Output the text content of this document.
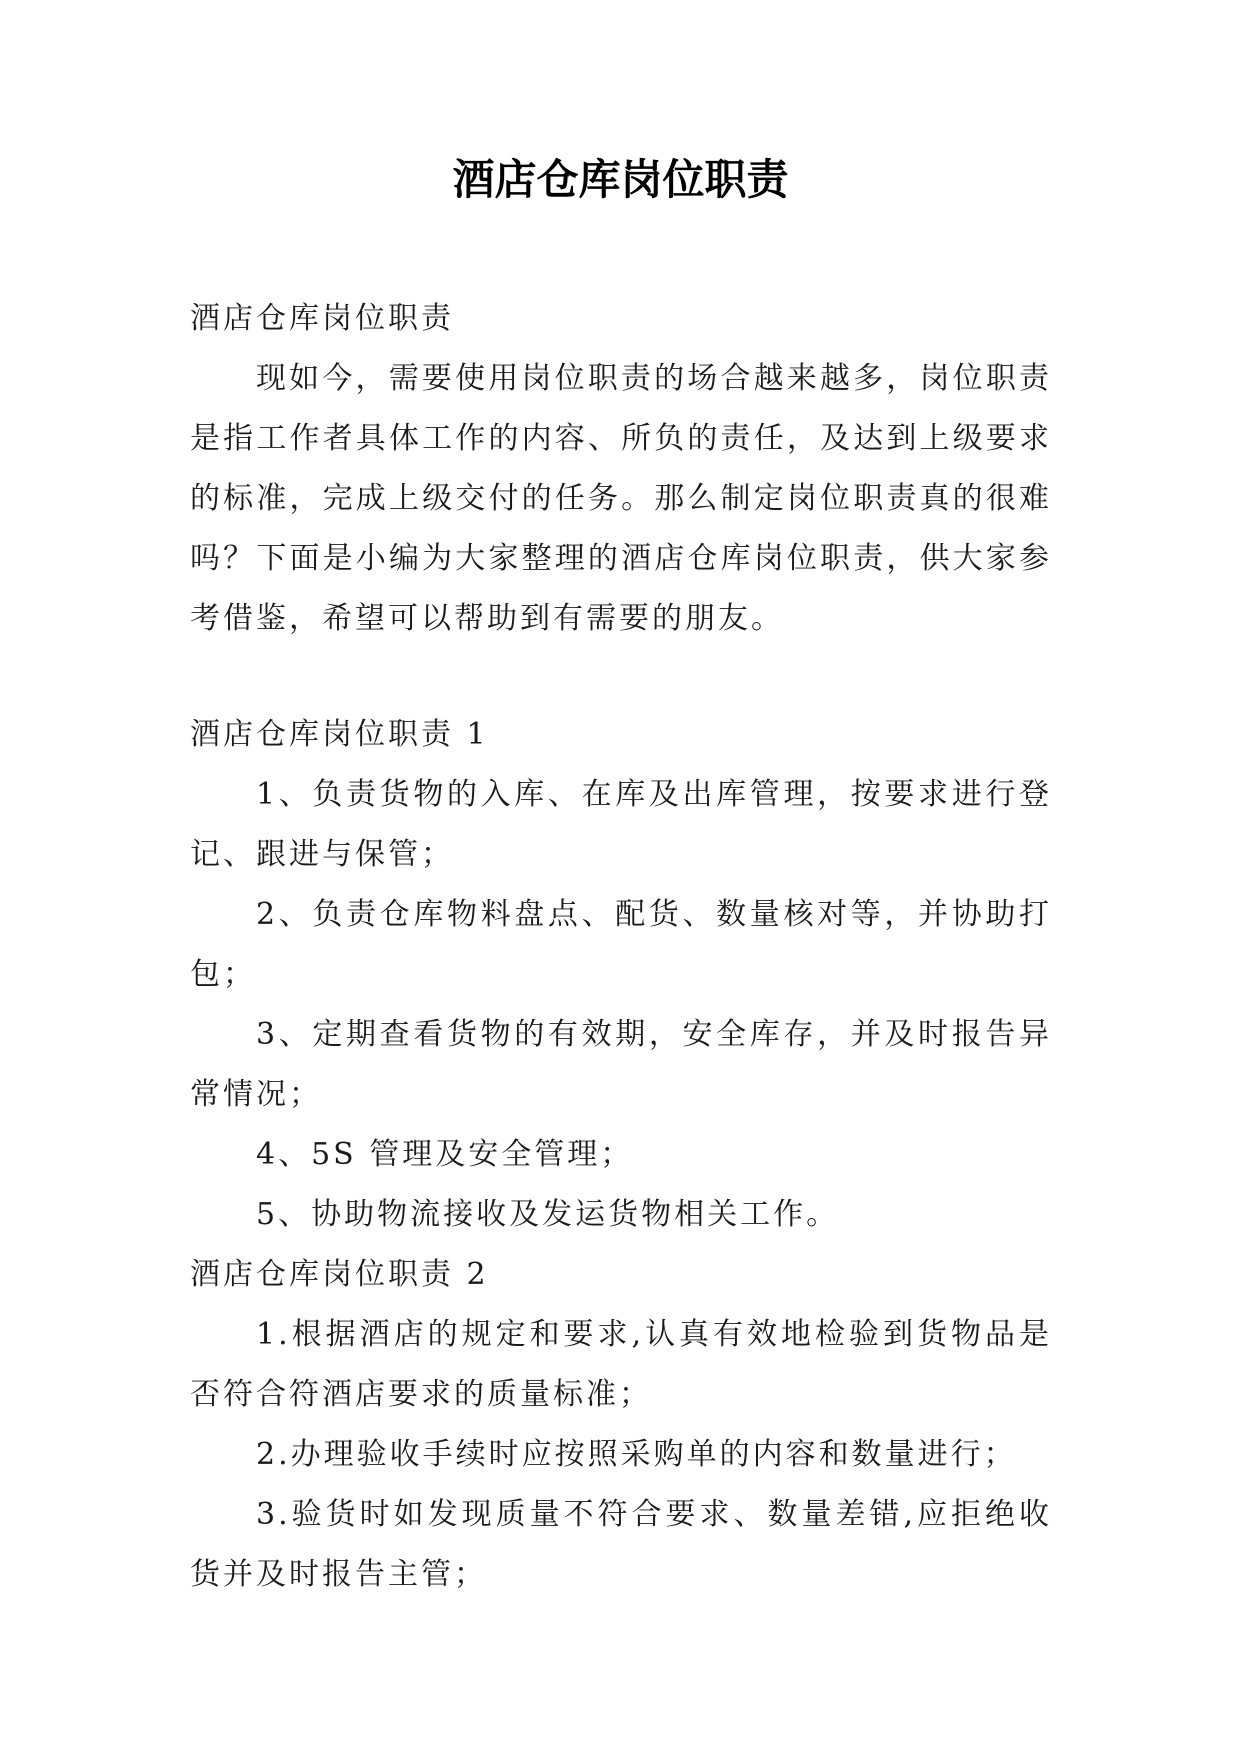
酒店仓库岗位职责

酒店仓库岗位职责

现如今，需要使用岗位职责的场合越来越多，岗位职责是指工作者具体工作的内容、所负的责任，及达到上级要求的标准，完成上级交付的任务。那么制定岗位职责真的很难吗？下面是小编为大家整理的酒店仓库岗位职责，供大家参考借鉴，希望可以帮助到有需要的朋友。

酒店仓库岗位职责 1

1、负责货物的入库、在库及出库管理，按要求进行登记、跟进与保管；

2、负责仓库物料盘点、配货、数量核对等，并协助打包；

3、定期查看货物的有效期，安全库存，并及时报告异常情况；

4、5S 管理及安全管理；

5、协助物流接收及发运货物相关工作。

酒店仓库岗位职责 2

1.根据酒店的规定和要求,认真有效地检验到货物品是否符合符酒店要求的质量标准；

2.办理验收手续时应按照采购单的内容和数量进行；

3.验货时如发现质量不符合要求、数量差错,应拒绝收货并及时报告主管；
